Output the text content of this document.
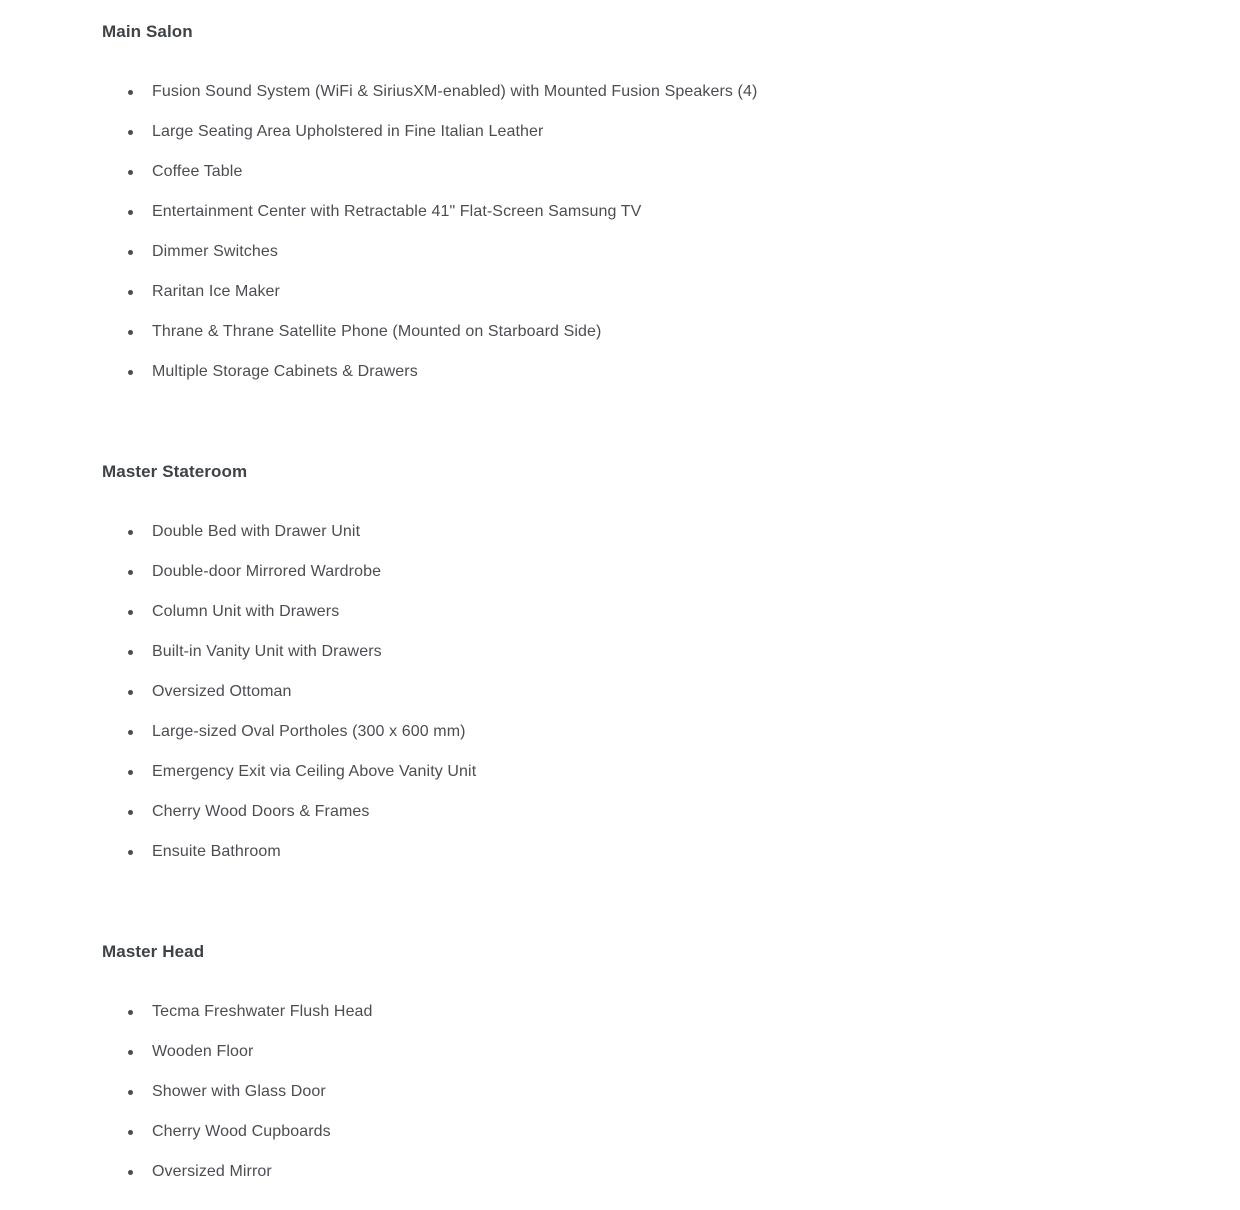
Main Salon
Fusion Sound System (WiFi & SiriusXM-enabled) with Mounted Fusion Speakers (4)
Large Seating Area Upholstered in Fine Italian Leather
Coffee Table
Entertainment Center with Retractable 41" Flat-Screen Samsung TV
Dimmer Switches
Raritan Ice Maker
Thrane & Thrane Satellite Phone (Mounted on Starboard Side)
Multiple Storage Cabinets & Drawers
Master Stateroom
Double Bed with Drawer Unit
Double-door Mirrored Wardrobe
Column Unit with Drawers
Built-in Vanity Unit with Drawers
Oversized Ottoman
Large-sized Oval Portholes (300 x 600 mm)
Emergency Exit via Ceiling Above Vanity Unit
Cherry Wood Doors & Frames
Ensuite Bathroom
Master Head
Tecma Freshwater Flush Head
Wooden Floor
Shower with Glass Door
Cherry Wood Cupboards
Oversized Mirror
